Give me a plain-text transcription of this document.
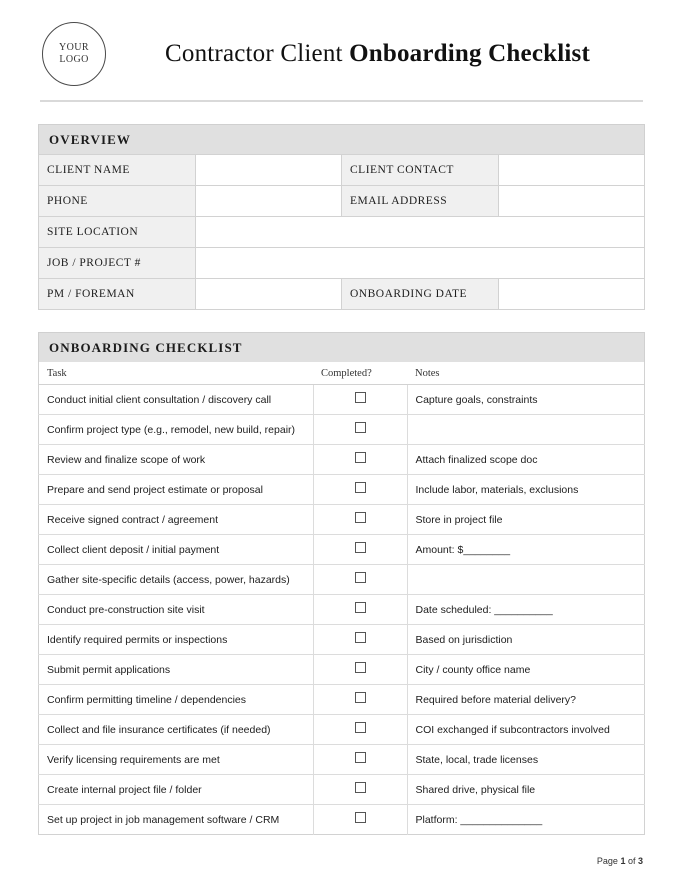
YOUR
LOGO	Contractor Client Onboarding Checklist
OVERVIEW
CLIENT NAME		CLIENT CONTACT	
PHONE		EMAIL ADDRESS	
SITE LOCATION			
JOB / PROJECT #			
PM / FOREMAN		ONBOARDING DATE	
ONBOARDING CHECKLIST
Task	Completed?	Notes
Conduct initial client consultation / discovery call		Capture goals, constraints
Confirm project type (e.g., remodel, new build, repair)		
Review and finalize scope of work		Attach finalized scope doc
Prepare and send project estimate or proposal		Include labor, materials, exclusions
Receive signed contract / agreement		Store in project file
Collect client deposit / initial payment		Amount: $________
Gather site-specific details (access, power, hazards)		
Conduct pre-construction site visit		Date scheduled: __________
Identify required permits or inspections		Based on jurisdiction
Submit permit applications		City / county office name
Confirm permitting timeline / dependencies		Required before material delivery?
Collect and file insurance certificates (if needed)		COI exchanged if subcontractors involved
Verify licensing requirements are met		State, local, trade licenses
Create internal project file / folder		Shared drive, physical file
Set up project in job management software / CRM		Platform: ______________
Page 1 of 3
